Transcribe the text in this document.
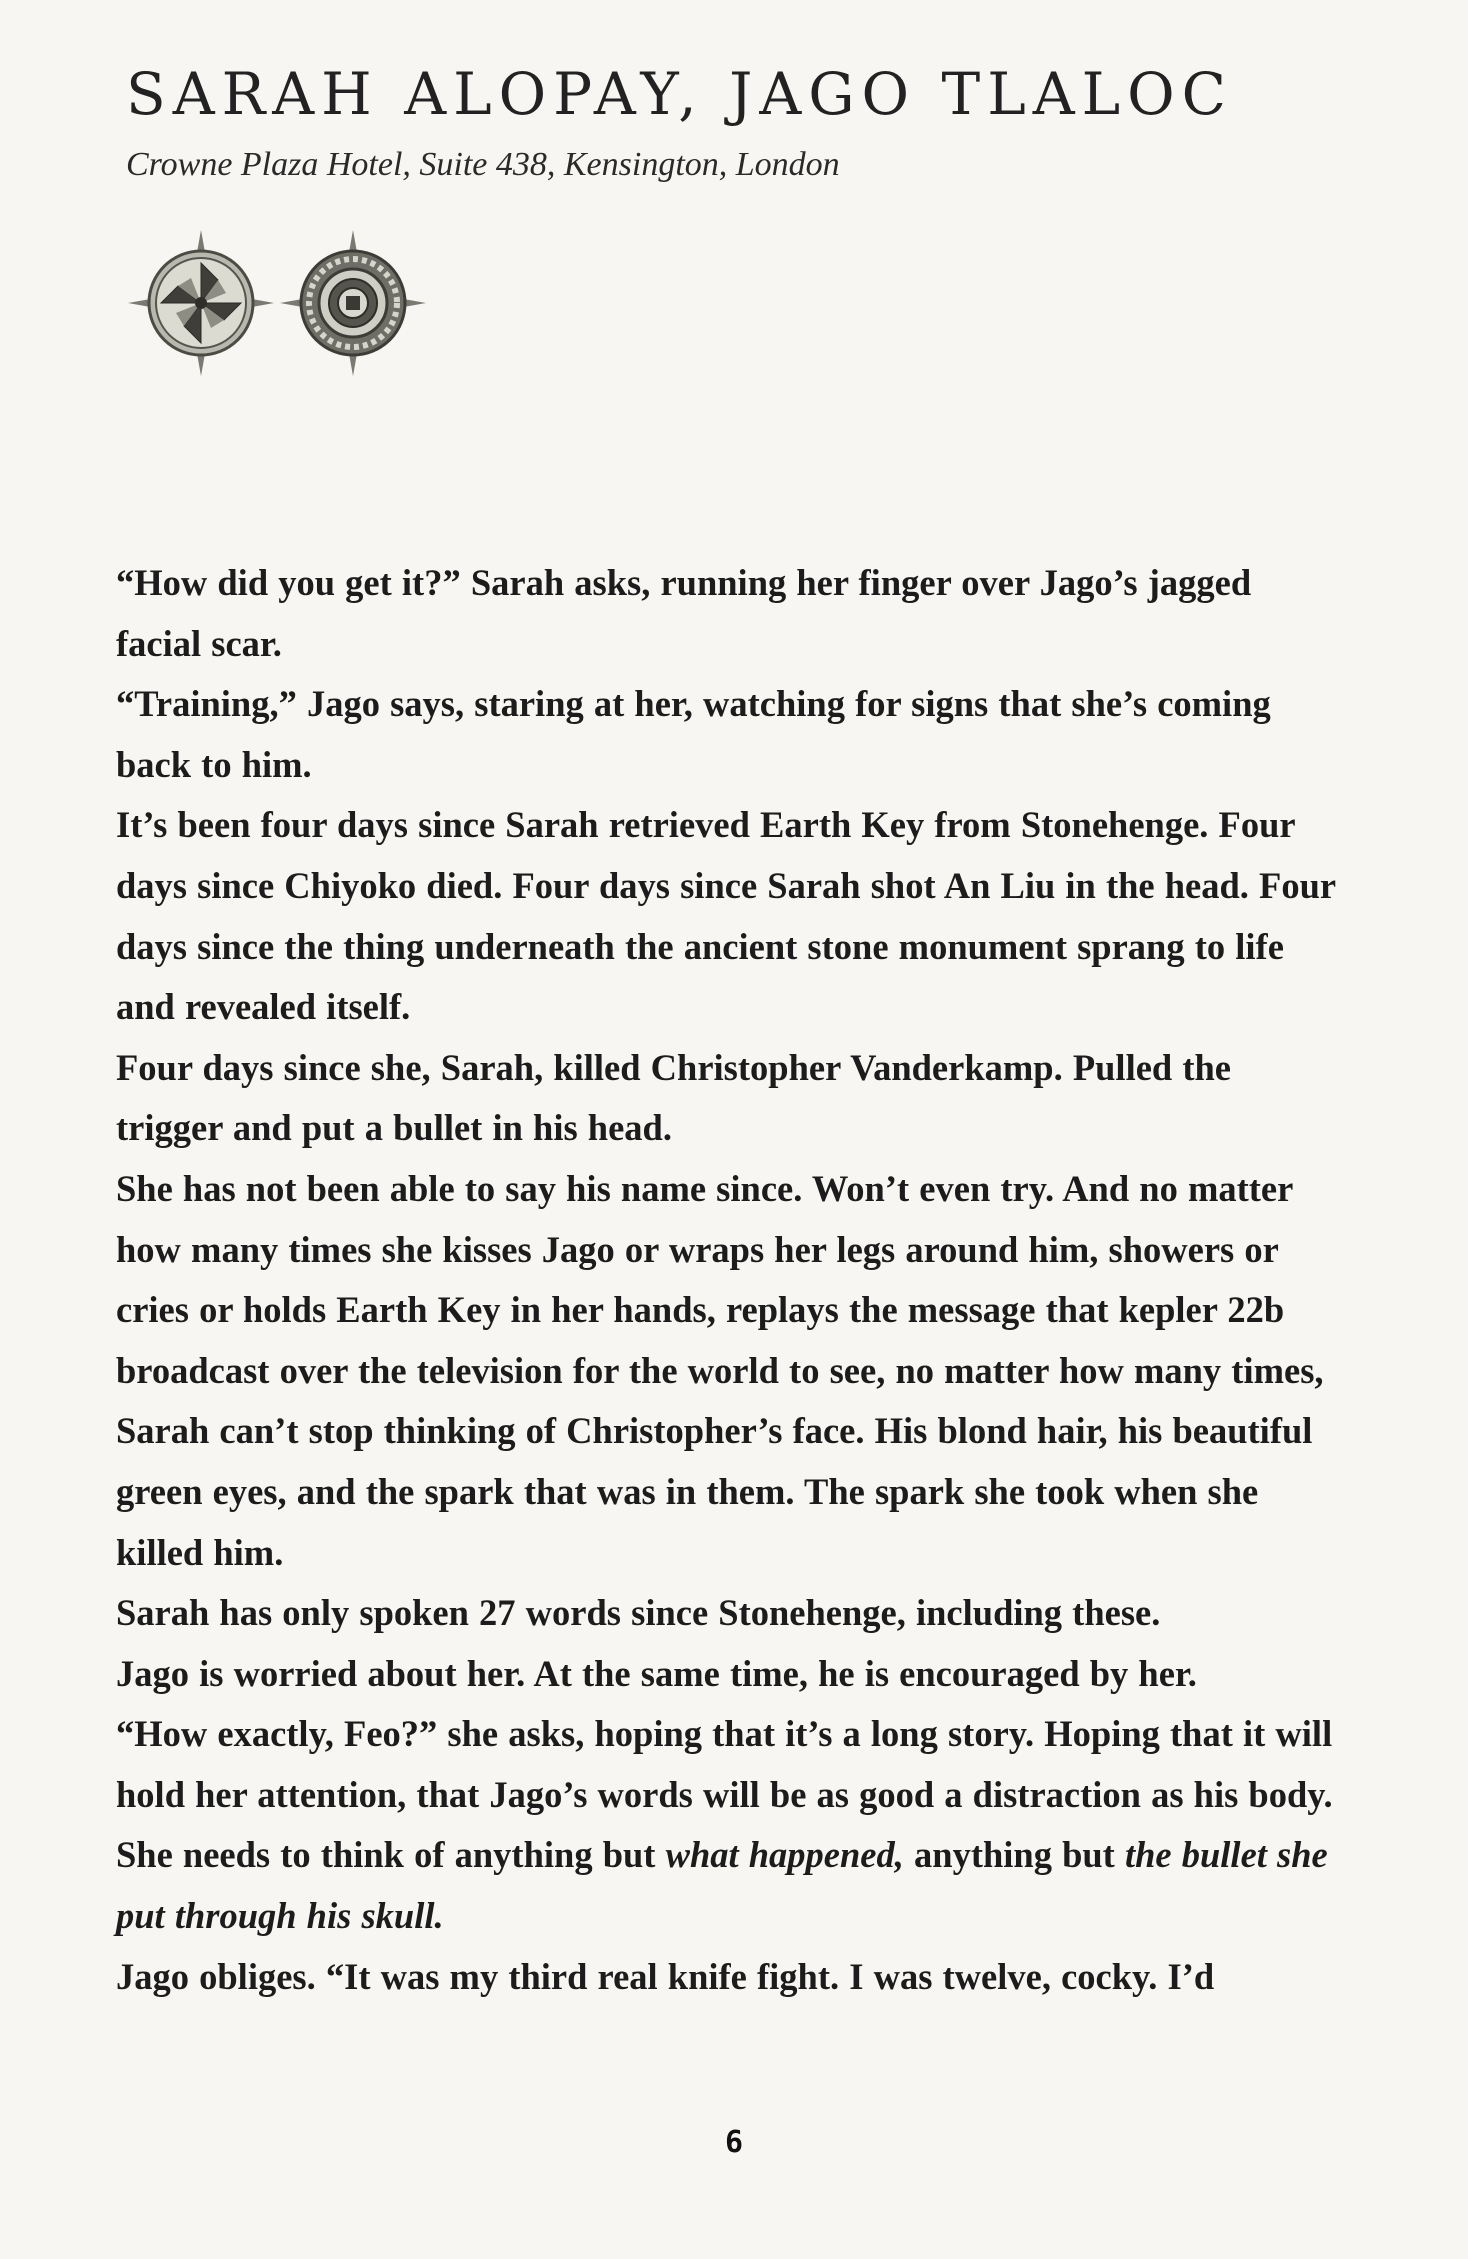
SARAH ALOPAY, JAGO TLALOC

Crowne Plaza Hotel, Suite 438, Kensington, London

“How did you get it?” Sarah asks, running her finger over Jago’s jagged facial scar.

“Training,” Jago says, staring at her, watching for signs that she’s coming back to him.

It’s been four days since Sarah retrieved Earth Key from Stonehenge. Four days since Chiyoko died. Four days since Sarah shot An Liu in the head. Four days since the thing underneath the ancient stone monument sprang to life and revealed itself.

Four days since she, Sarah, killed Christopher Vanderkamp. Pulled the trigger and put a bullet in his head.

She has not been able to say his name since. Won’t even try. And no matter how many times she kisses Jago or wraps her legs around him, showers or cries or holds Earth Key in her hands, replays the message that kepler 22b broadcast over the television for the world to see, no matter how many times, Sarah can’t stop thinking of Christopher’s face. His blond hair, his beautiful green eyes, and the spark that was in them. The spark she took when she killed him.

Sarah has only spoken 27 words since Stonehenge, including these.

Jago is worried about her. At the same time, he is encouraged by her.

“How exactly, Feo?” she asks, hoping that it’s a long story. Hoping that it will hold her attention, that Jago’s words will be as good a distraction as his body.

She needs to think of anything but what happened, anything but the bullet she put through his skull.

Jago obliges. “It was my third real knife fight. I was twelve, cocky. I’d

6
